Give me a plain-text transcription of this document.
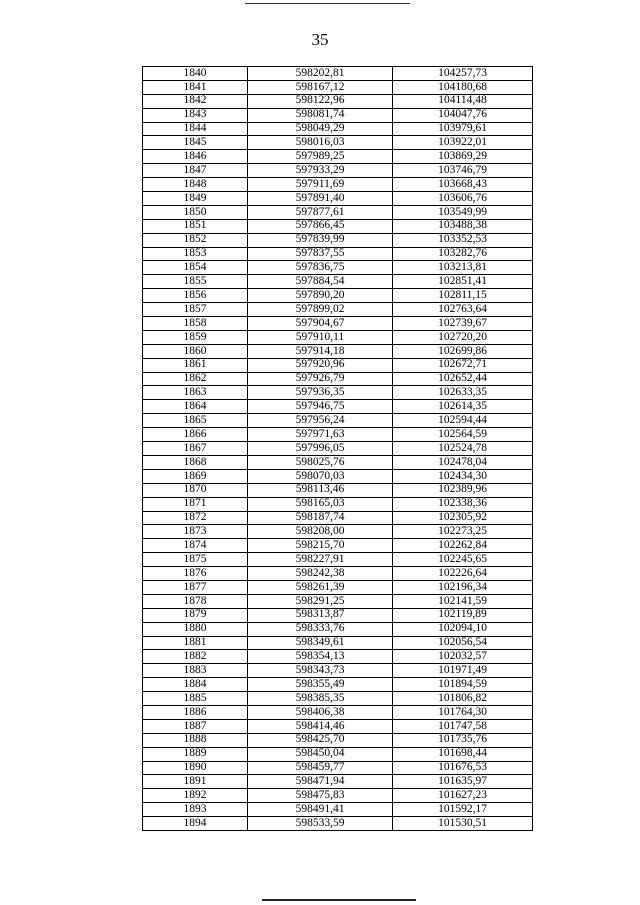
35
1840	598202,81	104257,73
1841	598167,12	104180,68
1842	598122,96	104114,48
1843	598081,74	104047,76
1844	598049,29	103979,61
1845	598016,03	103922,01
1846	597989,25	103869,29
1847	597933,29	103746,79
1848	597911,69	103668,43
1849	597891,40	103606,76
1850	597877,61	103549,99
1851	597866,45	103488,38
1852	597839,99	103352,53
1853	597837,55	103282,76
1854	597836,75	103213,81
1855	597884,54	102851,41
1856	597890,20	102811,15
1857	597899,02	102763,64
1858	597904,67	102739,67
1859	597910,11	102720,20
1860	597914,18	102699,86
1861	597920,96	102672,71
1862	597926,79	102652,44
1863	597936,35	102633,35
1864	597946,75	102614,35
1865	597956,24	102594,44
1866	597971,63	102564,59
1867	597996,05	102524,78
1868	598025,76	102478,04
1869	598070,03	102434,30
1870	598113,46	102389,96
1871	598165,03	102338,36
1872	598187,74	102305,92
1873	598208,00	102273,25
1874	598215,70	102262,84
1875	598227,91	102245,65
1876	598242,38	102226,64
1877	598261,39	102196,34
1878	598291,25	102141,59
1879	598313,87	102119,89
1880	598333,76	102094,10
1881	598349,61	102056,54
1882	598354,13	102032,57
1883	598343,73	101971,49
1884	598355,49	101894,59
1885	598385,35	101806,82
1886	598406,38	101764,30
1887	598414,46	101747,58
1888	598425,70	101735,76
1889	598450,04	101698,44
1890	598459,77	101676,53
1891	598471,94	101635,97
1892	598475,83	101627,23
1893	598491,41	101592,17
1894	598533,59	101530,51
